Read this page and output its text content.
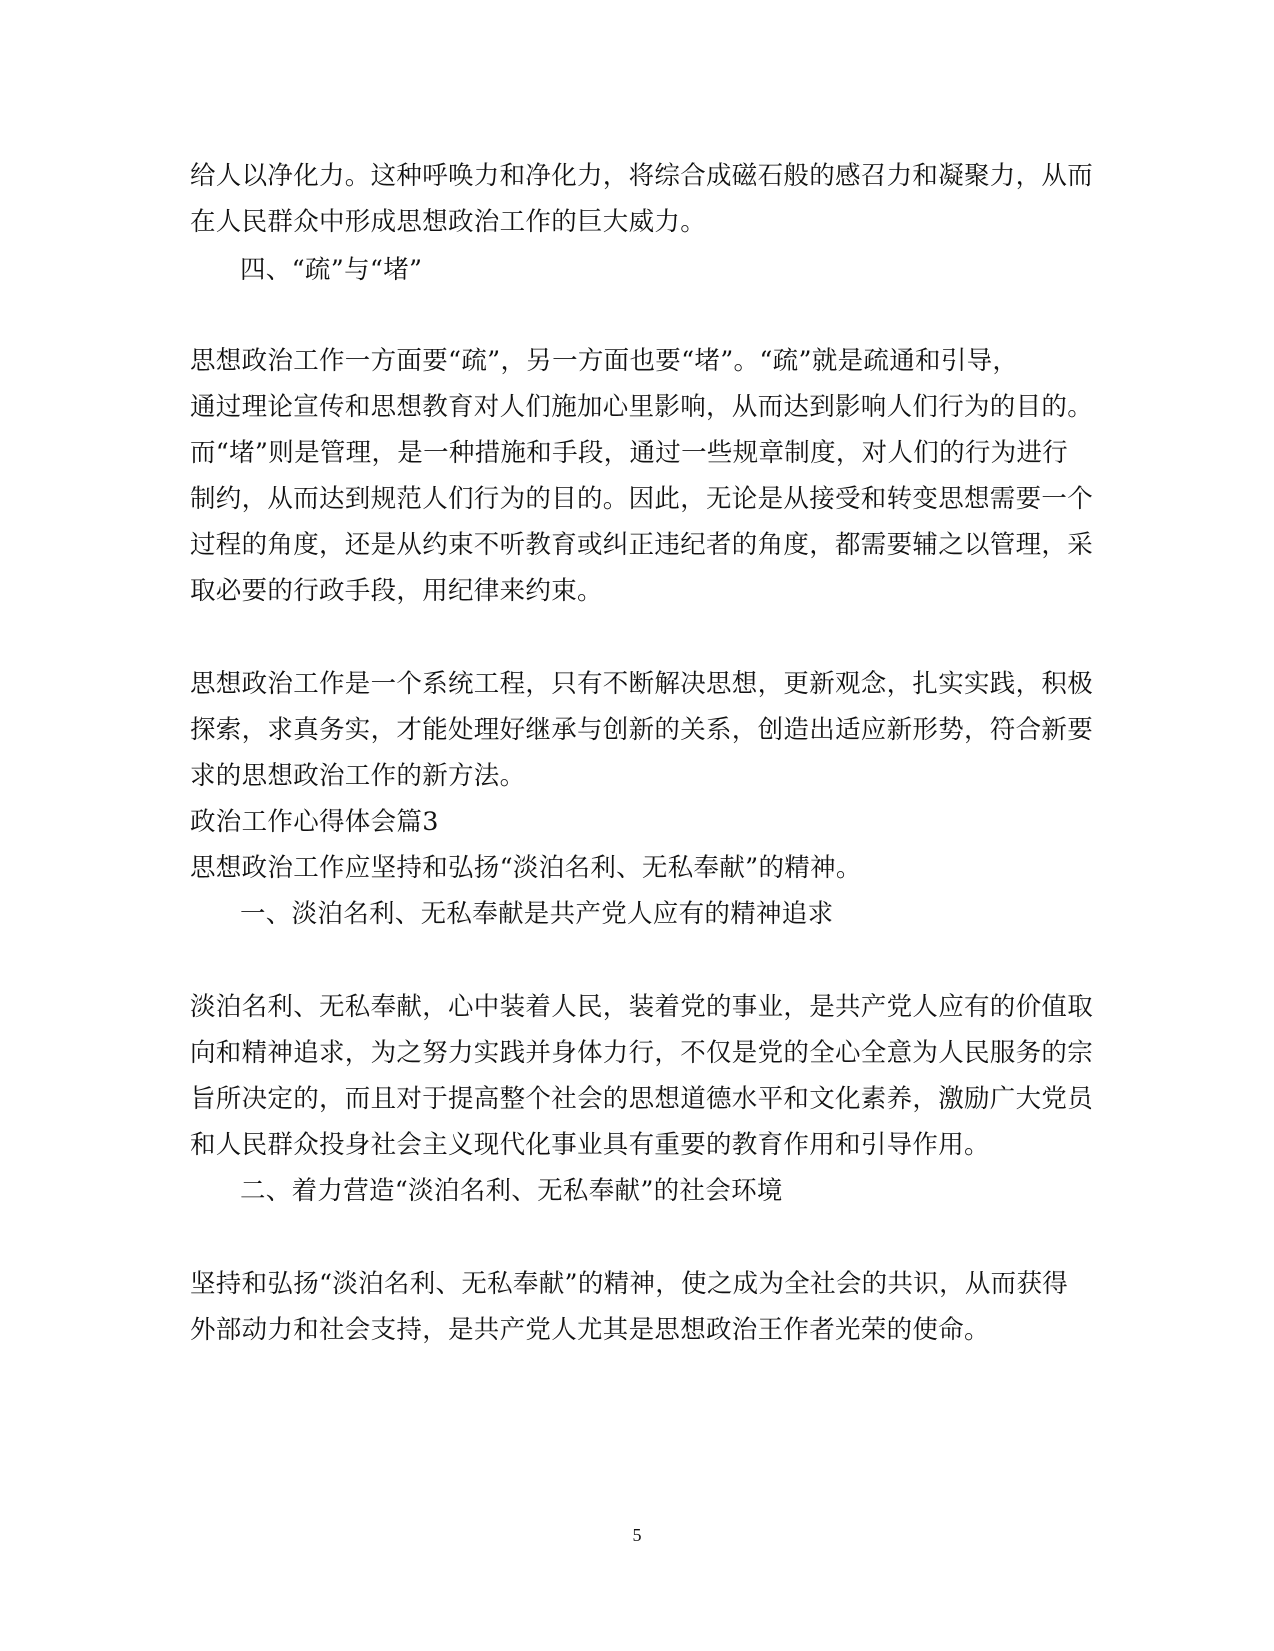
给人以净化力。这种呼唤力和净化力，将综合成磁石般的感召力和凝聚力，从而
在人民群众中形成思想政治工作的巨大威力。
四、“疏”与“堵”
思想政治工作一方面要“疏”，另一方面也要“堵”。“疏”就是疏通和引导，
通过理论宣传和思想教育对人们施加心里影响，从而达到影响人们行为的目的。
而“堵”则是管理，是一种措施和手段，通过一些规章制度，对人们的行为进行
制约，从而达到规范人们行为的目的。因此，无论是从接受和转变思想需要一个
过程的角度，还是从约束不听教育或纠正违纪者的角度，都需要辅之以管理，采
取必要的行政手段，用纪律来约束。
思想政治工作是一个系统工程，只有不断解决思想，更新观念，扎实实践，积极
探索，求真务实，才能处理好继承与创新的关系，创造出适应新形势，符合新要
求的思想政治工作的新方法。
政治工作心得体会篇3
思想政治工作应坚持和弘扬“淡泊名利、无私奉献”的精神。
一、淡泊名利、无私奉献是共产党人应有的精神追求
淡泊名利、无私奉献，心中装着人民，装着党的事业，是共产党人应有的价值取
向和精神追求，为之努力实践并身体力行，不仅是党的全心全意为人民服务的宗
旨所决定的，而且对于提高整个社会的思想道德水平和文化素养，激励广大党员
和人民群众投身社会主义现代化事业具有重要的教育作用和引导作用。
二、着力营造“淡泊名利、无私奉献”的社会环境
坚持和弘扬“淡泊名利、无私奉献”的精神，使之成为全社会的共识，从而获得
外部动力和社会支持，是共产党人尤其是思想政治王作者光荣的使命。
5
